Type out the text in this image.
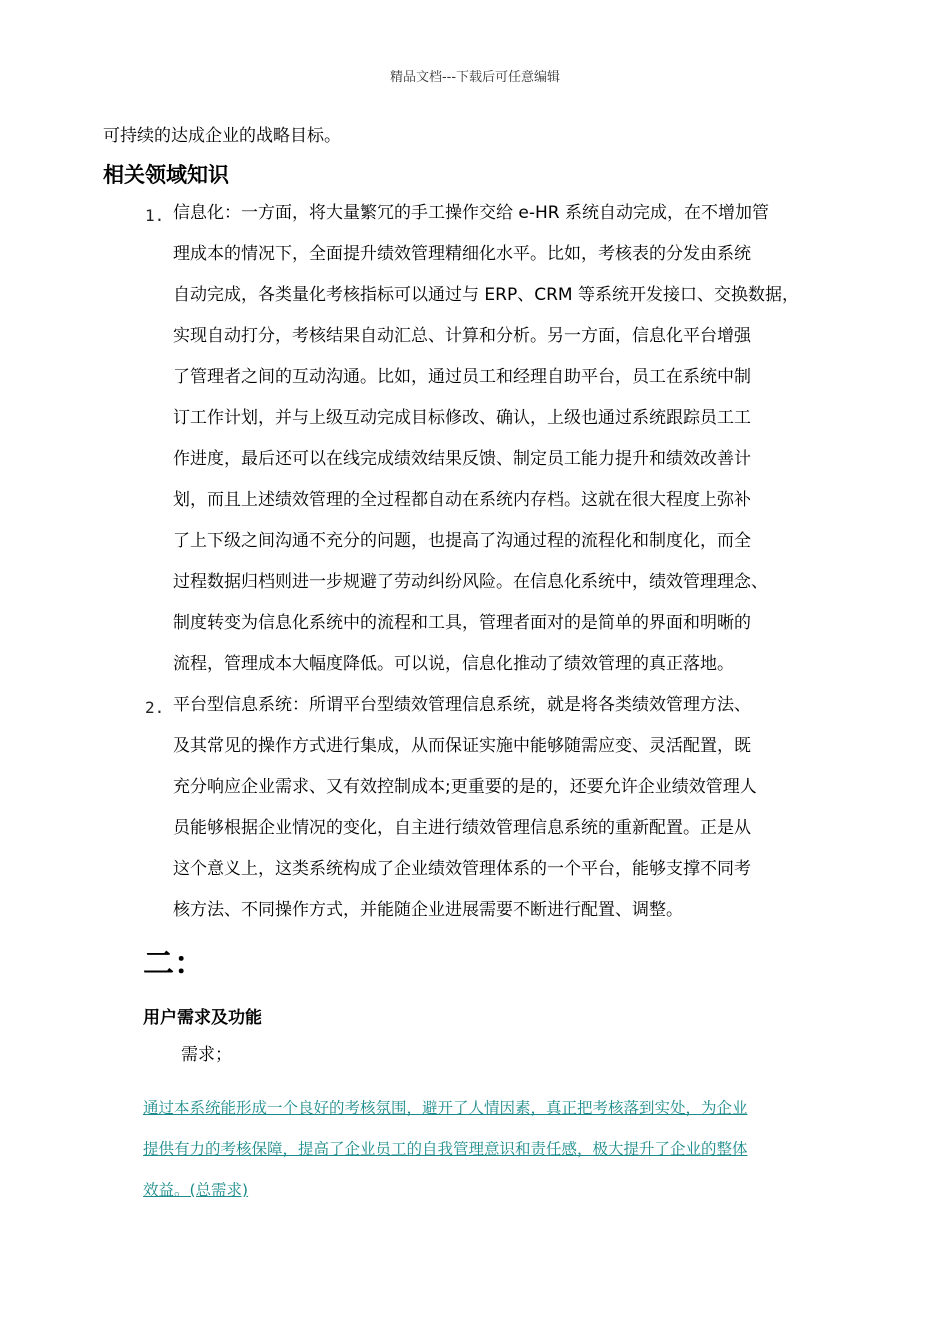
精品文档---下载后可任意编辑

可持续的达成企业的战略目标。

相关领域知识
1. 信息化：一方面，将大量繁冗的手工操作交给 e-HR 系统自动完成，在不增加管
理成本的情况下，全面提升绩效管理精细化水平。比如，考核表的分发由系统
自动完成，各类量化考核指标可以通过与 ERP、CRM 等系统开发接口、交换数据，
实现自动打分，考核结果自动汇总、计算和分析。另一方面，信息化平台增强
了管理者之间的互动沟通。比如，通过员工和经理自助平台，员工在系统中制
订工作计划，并与上级互动完成目标修改、确认，上级也通过系统跟踪员工工
作进度，最后还可以在线完成绩效结果反馈、制定员工能力提升和绩效改善计
划，而且上述绩效管理的全过程都自动在系统内存档。这就在很大程度上弥补
了上下级之间沟通不充分的问题，也提高了沟通过程的流程化和制度化，而全
过程数据归档则进一步规避了劳动纠纷风险。在信息化系统中，绩效管理理念、
制度转变为信息化系统中的流程和工具，管理者面对的是简单的界面和明晰的
流程，管理成本大幅度降低。可以说，信息化推动了绩效管理的真正落地。
2. 平台型信息系统：所谓平台型绩效管理信息系统，就是将各类绩效管理方法、
及其常见的操作方式进行集成，从而保证实施中能够随需应变、灵活配置，既
充分响应企业需求、又有效控制成本;更重要的是的，还要允许企业绩效管理人
员能够根据企业情况的变化，自主进行绩效管理信息系统的重新配置。正是从
这个意义上，这类系统构成了企业绩效管理体系的一个平台，能够支撑不同考
核方法、不同操作方式，并能随企业进展需要不断进行配置、调整。
二：
用户需求及功能

需求；

通过本系统能形成一个良好的考核氛围，避开了人情因素，真正把考核落到实处，为企业
提供有力的考核保障，提高了企业员工的自我管理意识和责任感，极大提升了企业的整体
效益。(总需求)
